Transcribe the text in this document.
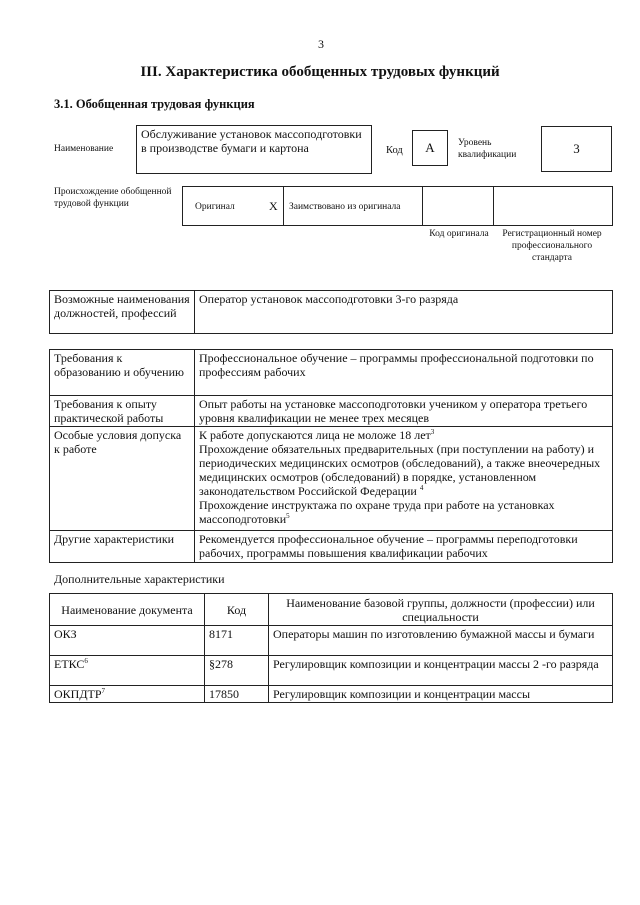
3
III. Характеристика обобщенных трудовых функций
3.1. Обобщенная трудовая функция
Наименование
Обслуживание установок массоподготовки в производстве бумаги и картона	Код А Уровень квалификации	3
Происхождение обобщенной трудовой функции	Оригинал	X Заимствовано из оригинала
Код оригинала	Регистрационный номер профессионального стандарта
Возможные наименования должностей, профессий	Оператор установок массоподготовки 3-го разряда
Требования к образованию и обучению	Профессиональное обучение – программы профессиональной подготовки по профессиям рабочих
Требования к опыту практической работы	Опыт работы на установке массоподготовки учеником у оператора третьего уровня квалификации не менее трех месяцев
Особые условия допуска к работе	К работе допускаются лица не моложе 18 лет$^3$
Прохождение обязательных предварительных (при поступлении на работу) и периодических медицинских осмотров (обследований), а также внеочередных медицинских осмотров (обследований) в порядке, установленном законодательством Российской Федерации $^4$
Прохождение инструктажа по охране труда при работе на установках массоподготовки$^5$

Другие характеристики	Рекомендуется профессиональное обучение – программы переподготовки рабочих, программы повышения квалификации рабочих
Дополнительные характеристики
Наименование документа	Код	Наименование базовой группы, должности (профессии) или специальности
ОКЗ	8171	Операторы машин по изготовлению бумажной массы и бумаги
ЕТКС$^6$	§278	Регулировщик композиции и концентрации массы 2 -го разряда
ОКПДТР$^7$	17850	Регулировщик композиции и концентрации массы
